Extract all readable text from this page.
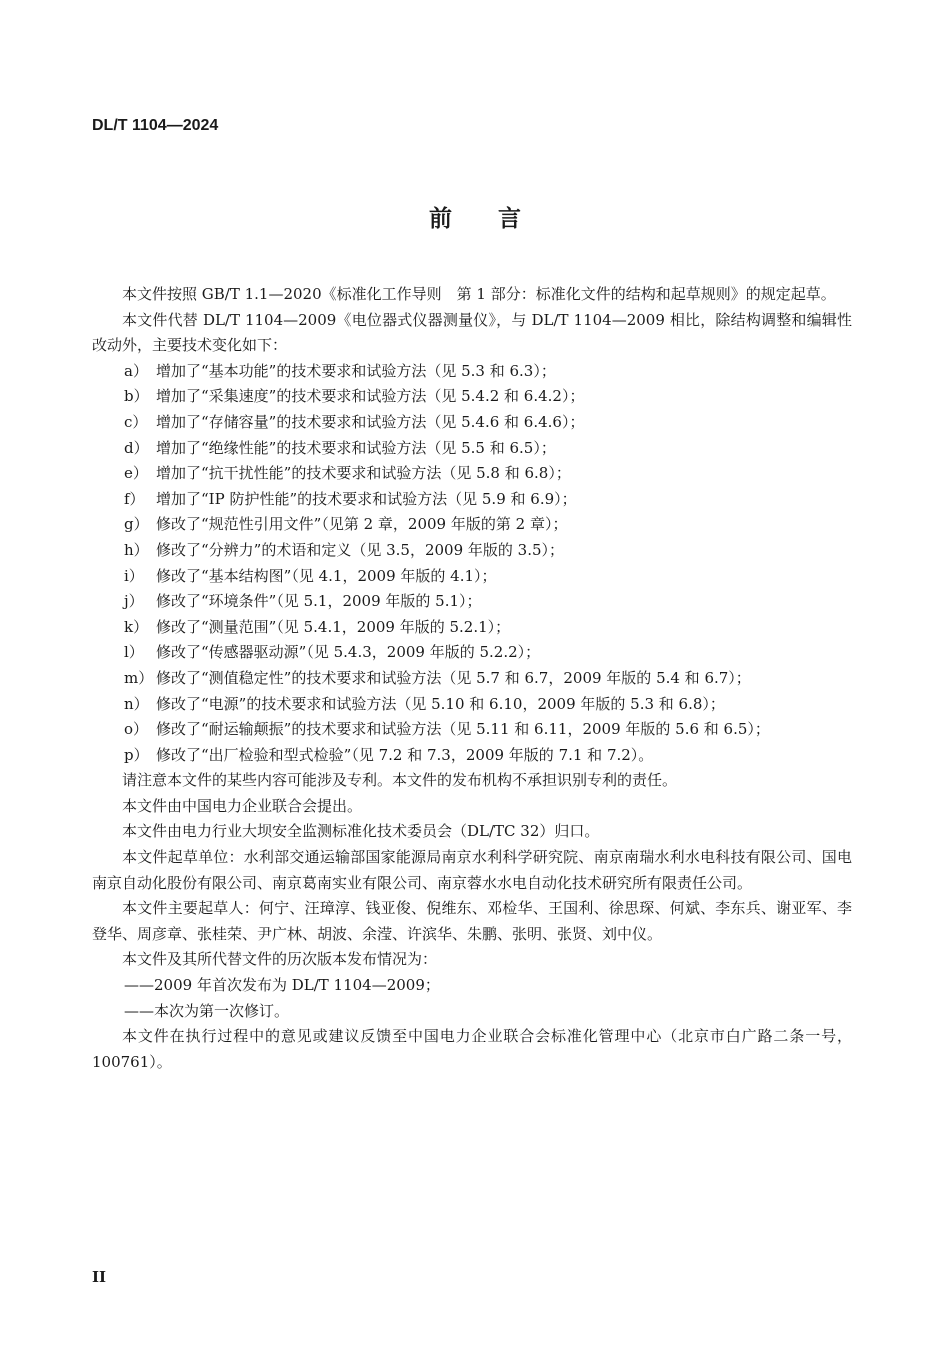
DL/T 1104—2024
前言

本文件按照 GB/T 1.1—2020《标准化工作导则　第 1 部分：标准化文件的结构和起草规则》的规定起草。

本文件代替 DL/T 1104—2009《电位器式仪器测量仪》，与 DL/T 1104—2009 相比，除结构调整和编辑性改动外，主要技术变化如下：

a） 增加了“基本功能”的技术要求和试验方法（见 5.3 和 6.3）；

b） 增加了“采集速度”的技术要求和试验方法（见 5.4.2 和 6.4.2）；

c） 增加了“存储容量”的技术要求和试验方法（见 5.4.6 和 6.4.6）；

d） 增加了“绝缘性能”的技术要求和试验方法（见 5.5 和 6.5）；

e） 增加了“抗干扰性能”的技术要求和试验方法（见 5.8 和 6.8）；

f） 增加了“IP 防护性能”的技术要求和试验方法（见 5.9 和 6.9）；

g） 修改了“规范性引用文件”（见第 2 章，2009 年版的第 2 章）；

h） 修改了“分辨力”的术语和定义（见 3.5，2009 年版的 3.5）；

i） 修改了“基本结构图”（见 4.1，2009 年版的 4.1）；

j） 修改了“环境条件”（见 5.1，2009 年版的 5.1）；

k） 修改了“测量范围”（见 5.4.1，2009 年版的 5.2.1）；

l） 修改了“传感器驱动源”（见 5.4.3，2009 年版的 5.2.2）；

m） 修改了“测值稳定性”的技术要求和试验方法（见 5.7 和 6.7，2009 年版的 5.4 和 6.7）；

n） 修改了“电源”的技术要求和试验方法（见 5.10 和 6.10，2009 年版的 5.3 和 6.8）；

o） 修改了“耐运输颠振”的技术要求和试验方法（见 5.11 和 6.11，2009 年版的 5.6 和 6.5）；

p） 修改了“出厂检验和型式检验”（见 7.2 和 7.3，2009 年版的 7.1 和 7.2）。

请注意本文件的某些内容可能涉及专利。本文件的发布机构不承担识别专利的责任。

本文件由中国电力企业联合会提出。

本文件由电力行业大坝安全监测标准化技术委员会（DL/TC 32）归口。

本文件起草单位：水利部交通运输部国家能源局南京水利科学研究院、南京南瑞水利水电科技有限公司、国电南京自动化股份有限公司、南京葛南实业有限公司、南京蓉水水电自动化技术研究所有限责任公司。

本文件主要起草人：何宁、汪璋淳、钱亚俊、倪维东、邓检华、王国利、徐思琛、何斌、李东兵、谢亚军、李登华、周彦章、张桂荣、尹广林、胡波、余滢、许滨华、朱鹏、张明、张贤、刘中仪。

本文件及其所代替文件的历次版本发布情况为：

——2009 年首次发布为 DL/T 1104—2009；

——本次为第一次修订。

本文件在执行过程中的意见或建议反馈至中国电力企业联合会标准化管理中心（北京市白广路二条一号，100761）。

II
